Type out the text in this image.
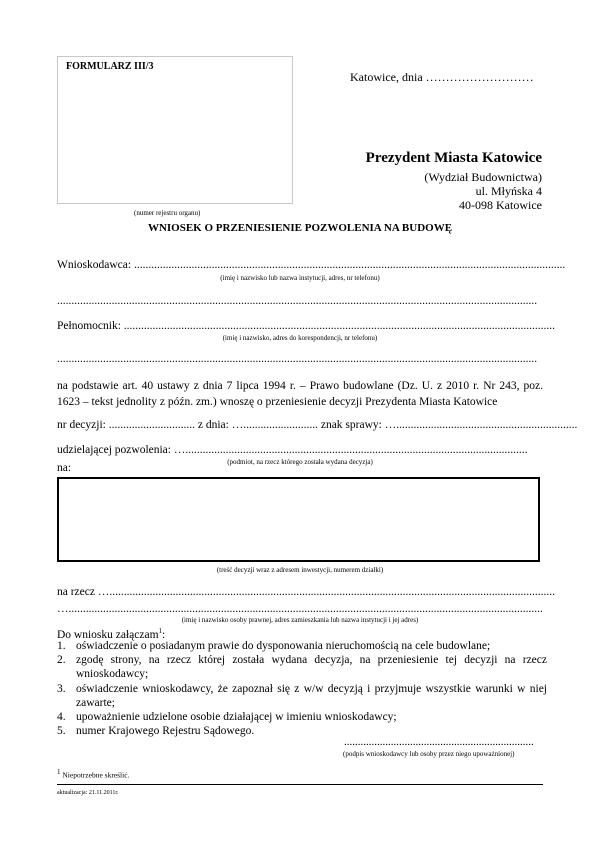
FORMULARZ III/3
(numer rejestru organu)
Katowice, dnia ………………………
Prezydent Miasta Katowice
(Wydział Budownictwa)
ul. Młyńska 4
40-098 Katowice
WNIOSEK O PRZENIESIENIE POZWOLENIA NA BUDOWĘ
Wnioskodawca: ......................................................................................................................................................
(imię i nazwisko lub nazwa instytucji, adres, nr telefonu)
.......................................................................................................................................................................
Pełnomocnik: ......................................................................................................................................................
(imię i nazwisko, adres do korespondencji, nr telefonu)
.......................................................................................................................................................................
na podstawie art. 40 ustawy z dnia 7 lipca 1994 r. – Prawo budowlane (Dz. U. z 2010 r. Nr 243, poz. 1623 – tekst jednolity z późn. zm.) wnoszę o przeniesienie decyzji Prezydenta Miasta Katowice
nr decyzji: .............................. z dnia: ….......................... znak sprawy: …...............................................................
udzielającej pozwolenia: ….......................................................................................................................
(podmiot, na rzecz którego została wydana decyzja)
na:
(treść decyzji wraz z adresem inwestycji, numerem działki)
na rzecz …...........................................................................................................................................................
….....................................................................................................................................................................
(imię i nazwisko osoby prawnej, adres zamieszkania lub nazwa instytucji i jej adres)
Do wniosku załączam$^1$:
1. oświadczenie o posiadanym prawie do dysponowania nieruchomością na cele budowlane;
2. zgodę strony, na rzecz której została wydana decyzja, na przeniesienie tej decyzji na rzecz wnioskodawcy;
3. oświadczenie wnioskodawcy, że zapoznał się z w/w decyzją i przyjmuje wszystkie warunki w niej zawarte;
4. upoważnienie udzielone osobie działającej w imieniu wnioskodawcy;
5. numer Krajowego Rejestru Sądowego.
.....................................................................
(podpis wnioskodawcy lub osoby przez niego upoważnionej)
$^1$ Niepotrzebne skreślić.
aktualizacja: 21.11.2011r.
